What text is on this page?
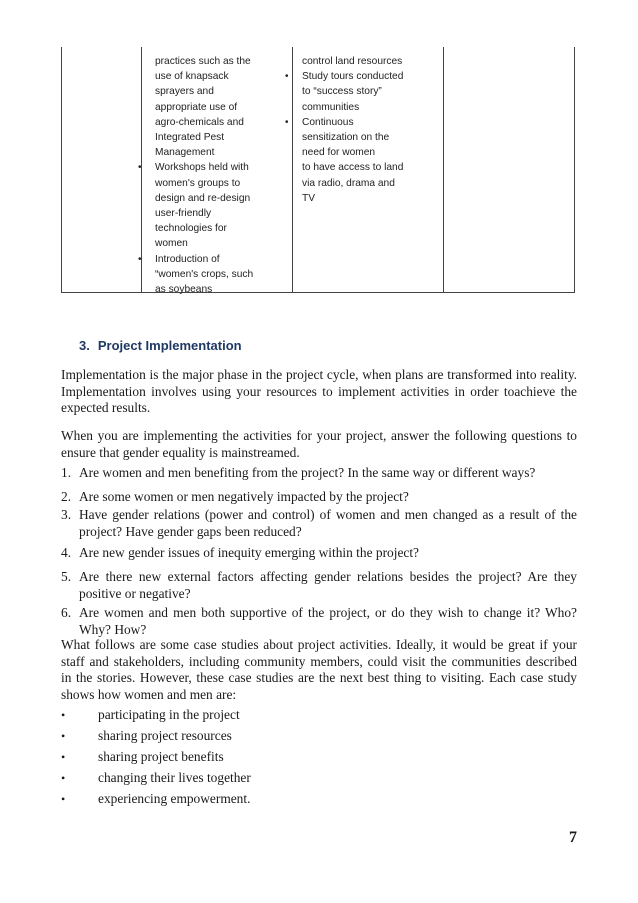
practices such as the
use of knapsack
sprayers and
appropriate use of
agro-chemicals and
Integrated Pest
Management
• Workshops held with
women's groups to
design and re-design
user-friendly
technologies for
women
• Introduction of
“women's crops, such
as soybeans
control land resources
• Study tours conducted
to “success story”
communities
• Continuous
sensitization on the
need for women
to have access to land
via radio, drama and
TV
3. Project Implementation
Implementation is the major phase in the project cycle, when plans are transformed into reality.
Implementation involves using your resources to implement activities in order toachieve the
expected results.
When you are implementing the activities for your project, answer the following questions to
ensure that gender equality is mainstreamed.
1. Are women and men benefiting from the project? In the same way or different ways?
2. Are some women or men negatively impacted by the project?
3. Have gender relations (power and control) of women and men changed as a result of the
project? Have gender gaps been reduced?
4. Are new gender issues of inequity emerging within the project?
5. Are there new external factors affecting gender relations besides the project? Are they
positive or negative?
6. Are women and men both supportive of the project, or do they wish to change it? Who?
Why? How?
What follows are some case studies about project activities. Ideally, it would be great if your
staff and stakeholders, including community members, could visit the communities described
in the stories. However, these case studies are the next best thing to visiting. Each case study
shows how women and men are:
• participating in the project
• sharing project resources
• sharing project benefits
• changing their lives together
• experiencing empowerment.
7
